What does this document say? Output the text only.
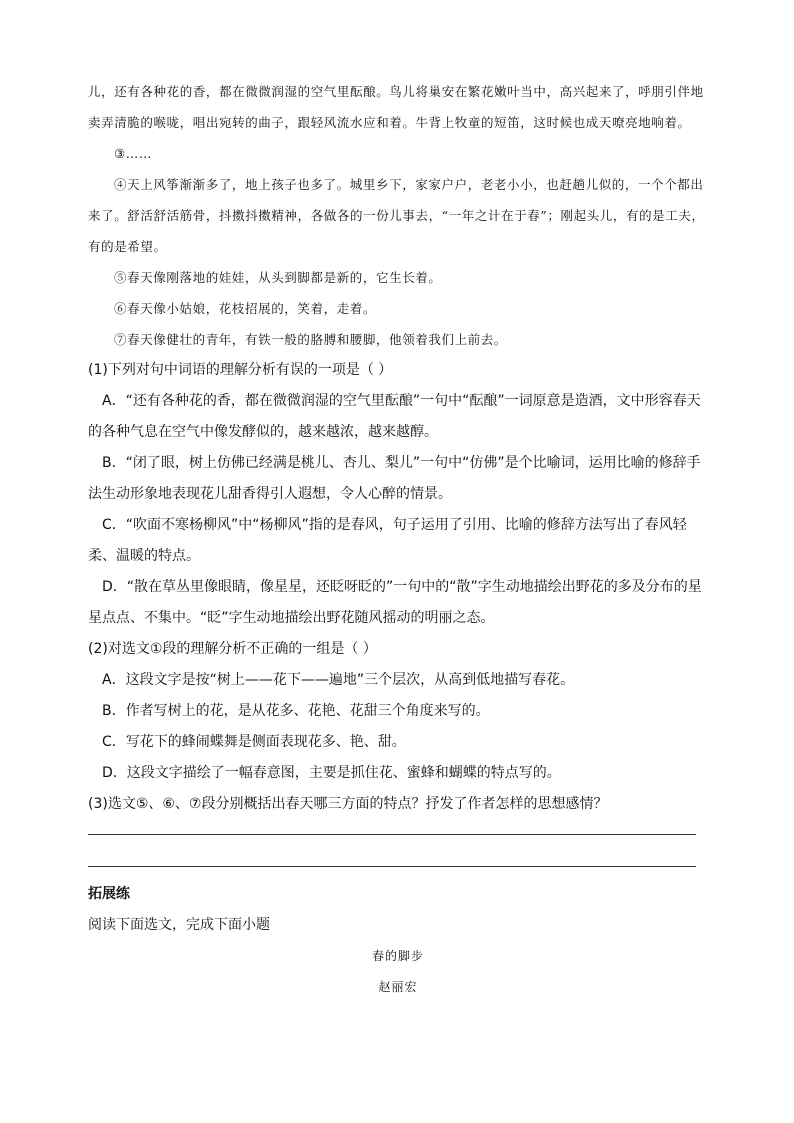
儿，还有各种花的香，都在微微润湿的空气里酝酿。鸟儿将巢安在繁花嫩叶当中，高兴起来了，呼朋引伴地卖弄清脆的喉咙，唱出宛转的曲子，跟轻风流水应和着。牛背上牧童的短笛，这时候也成天嘹亮地响着。

③……

④天上风筝渐渐多了，地上孩子也多了。城里乡下，家家户户，老老小小，也赶趟儿似的，一个个都出来了。舒活舒活筋骨，抖擞抖擞精神，各做各的一份儿事去，“一年之计在于春”；刚起头儿，有的是工夫，有的是希望。

⑤春天像刚落地的娃娃，从头到脚都是新的，它生长着。

⑥春天像小姑娘，花枝招展的，笑着，走着。

⑦春天像健壮的青年，有铁一般的胳膊和腰脚，他领着我们上前去。

(1)下列对句中词语的理解分析有误的一项是（ ）

A．“还有各种花的香，都在微微润湿的空气里酝酿”一句中“酝酿”一词原意是造酒，文中形容春天的各种气息在空气中像发酵似的，越来越浓，越来越醇。

B．“闭了眼，树上仿佛已经满是桃儿、杏儿、梨儿”一句中“仿佛”是个比喻词，运用比喻的修辞手法生动形象地表现花儿甜香得引人遐想，令人心醉的情景。

C．“吹面不寒杨柳风”中“杨柳风”指的是春风，句子运用了引用、比喻的修辞方法写出了春风轻柔、温暖的特点。

D．“散在草丛里像眼睛，像星星，还眨呀眨的”一句中的“散”字生动地描绘出野花的多及分布的星星点点、不集中。“眨”字生动地描绘出野花随风摇动的明丽之态。

(2)对选文①段的理解分析不正确的一组是（ ）

A．这段文字是按“树上——花下——遍地”三个层次，从高到低地描写春花。

B．作者写树上的花，是从花多、花艳、花甜三个角度来写的。

C．写花下的蜂闹蝶舞是侧面表现花多、艳、甜。

D．这段文字描绘了一幅春意图，主要是抓住花、蜜蜂和蝴蝶的特点写的。

(3)选文⑤、⑥、⑦段分别概括出春天哪三方面的特点？抒发了作者怎样的思想感情？

拓展练

阅读下面选文，完成下面小题

春的脚步

赵丽宏
